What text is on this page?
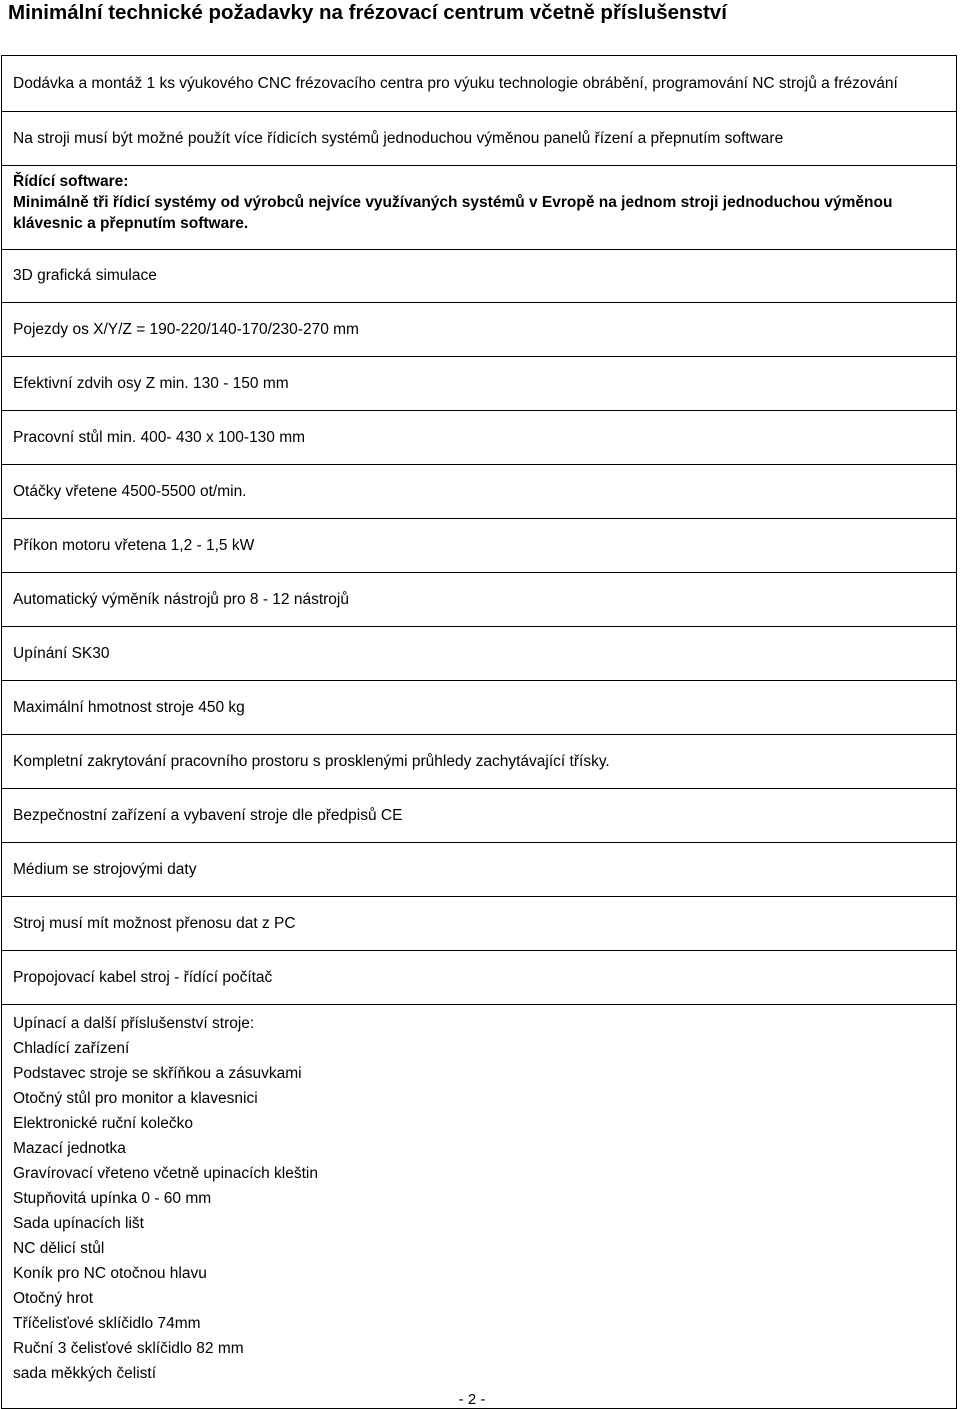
Minimální technické požadavky na frézovací centrum včetně příslušenství
Dodávka a montáž 1 ks výukového CNC frézovacího centra pro výuku technologie obrábění, programování NC strojů a frézování

Na stroji musí být možné použít více řídicích systémů jednoduchou výměnou panelů řízení a přepnutím software

Řídící software:
Minimálně tři řídicí systémy od výrobců nejvíce využívaných systémů v Evropě na jednom stroji jednoduchou výměnou klávesnic a přepnutím software.

3D grafická simulace

Pojezdy os X/Y/Z = 190-220/140-170/230-270 mm

Efektivní zdvih osy Z min. 130 - 150 mm

Pracovní stůl min. 400- 430 x 100-130 mm

Otáčky vřetene 4500-5500 ot/min.

Příkon motoru vřetena 1,2 - 1,5 kW

Automatický výměník nástrojů pro 8 - 12 nástrojů

Upínání SK30

Maximální hmotnost stroje 450 kg

Kompletní zakrytování pracovního prostoru s prosklenými průhledy zachytávající třísky.

Bezpečnostní zařízení a vybavení stroje dle předpisů CE

Médium se strojovými daty

Stroj musí mít možnost přenosu dat z PC

Propojovací kabel stroj - řídící počítač

Upínací a další příslušenství stroje:
Chladící zařízení
Podstavec stroje se skříňkou a zásuvkami
Otočný stůl pro monitor a klavesnici
Elektronické ruční kolečko
Mazací jednotka
Gravírovací vřeteno včetně upinacích kleštin
Stupňovitá upínka 0 - 60 mm
Sada upínacích lišt
NC dělicí stůl
Koník pro NC otočnou hlavu
Otočný hrot
Tříčelisťové sklíčidlo 74mm
Ruční 3 čelisťové sklíčidlo 82 mm
sada měkkých čelistí
- 2 -
